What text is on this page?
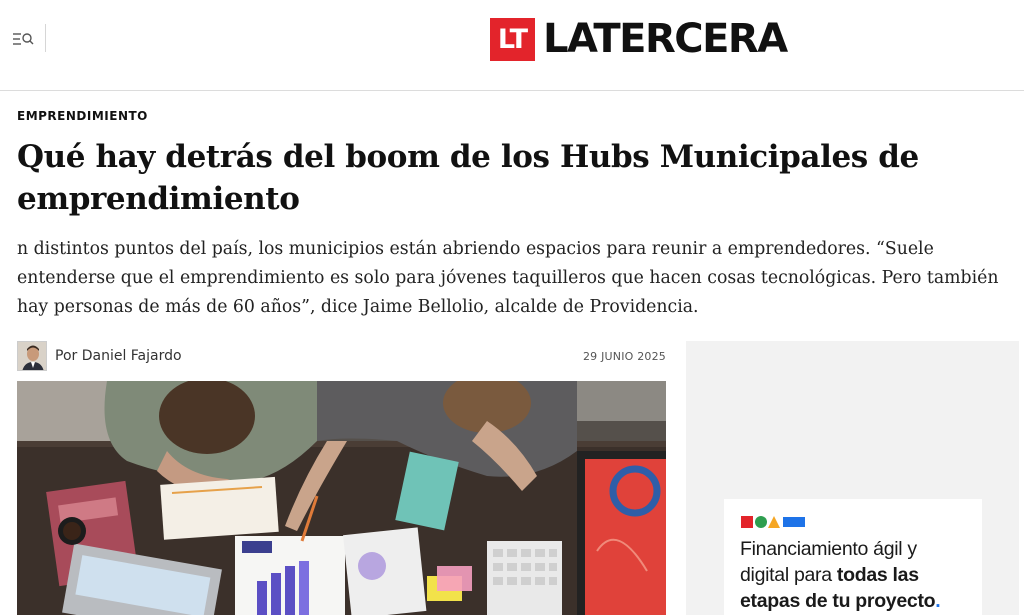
LT LATERCERA
EMPRENDIMIENTO
Qué hay detrás del boom de los Hubs Municipales de emprendimiento

n distintos puntos del país, los municipios están abriendo espacios para reunir a emprendedores. “Suele entenderse que el emprendimiento es solo para jóvenes taquilleros que hacen cosas tecnológicas. Pero también hay personas de más de 60 años”, dice Jaime Bellolio, alcalde de Providencia.

Por Daniel Fajardo	29 JUNIO 2025
Financiamiento ágil y
digital para todas las
etapas de tu proyecto.
